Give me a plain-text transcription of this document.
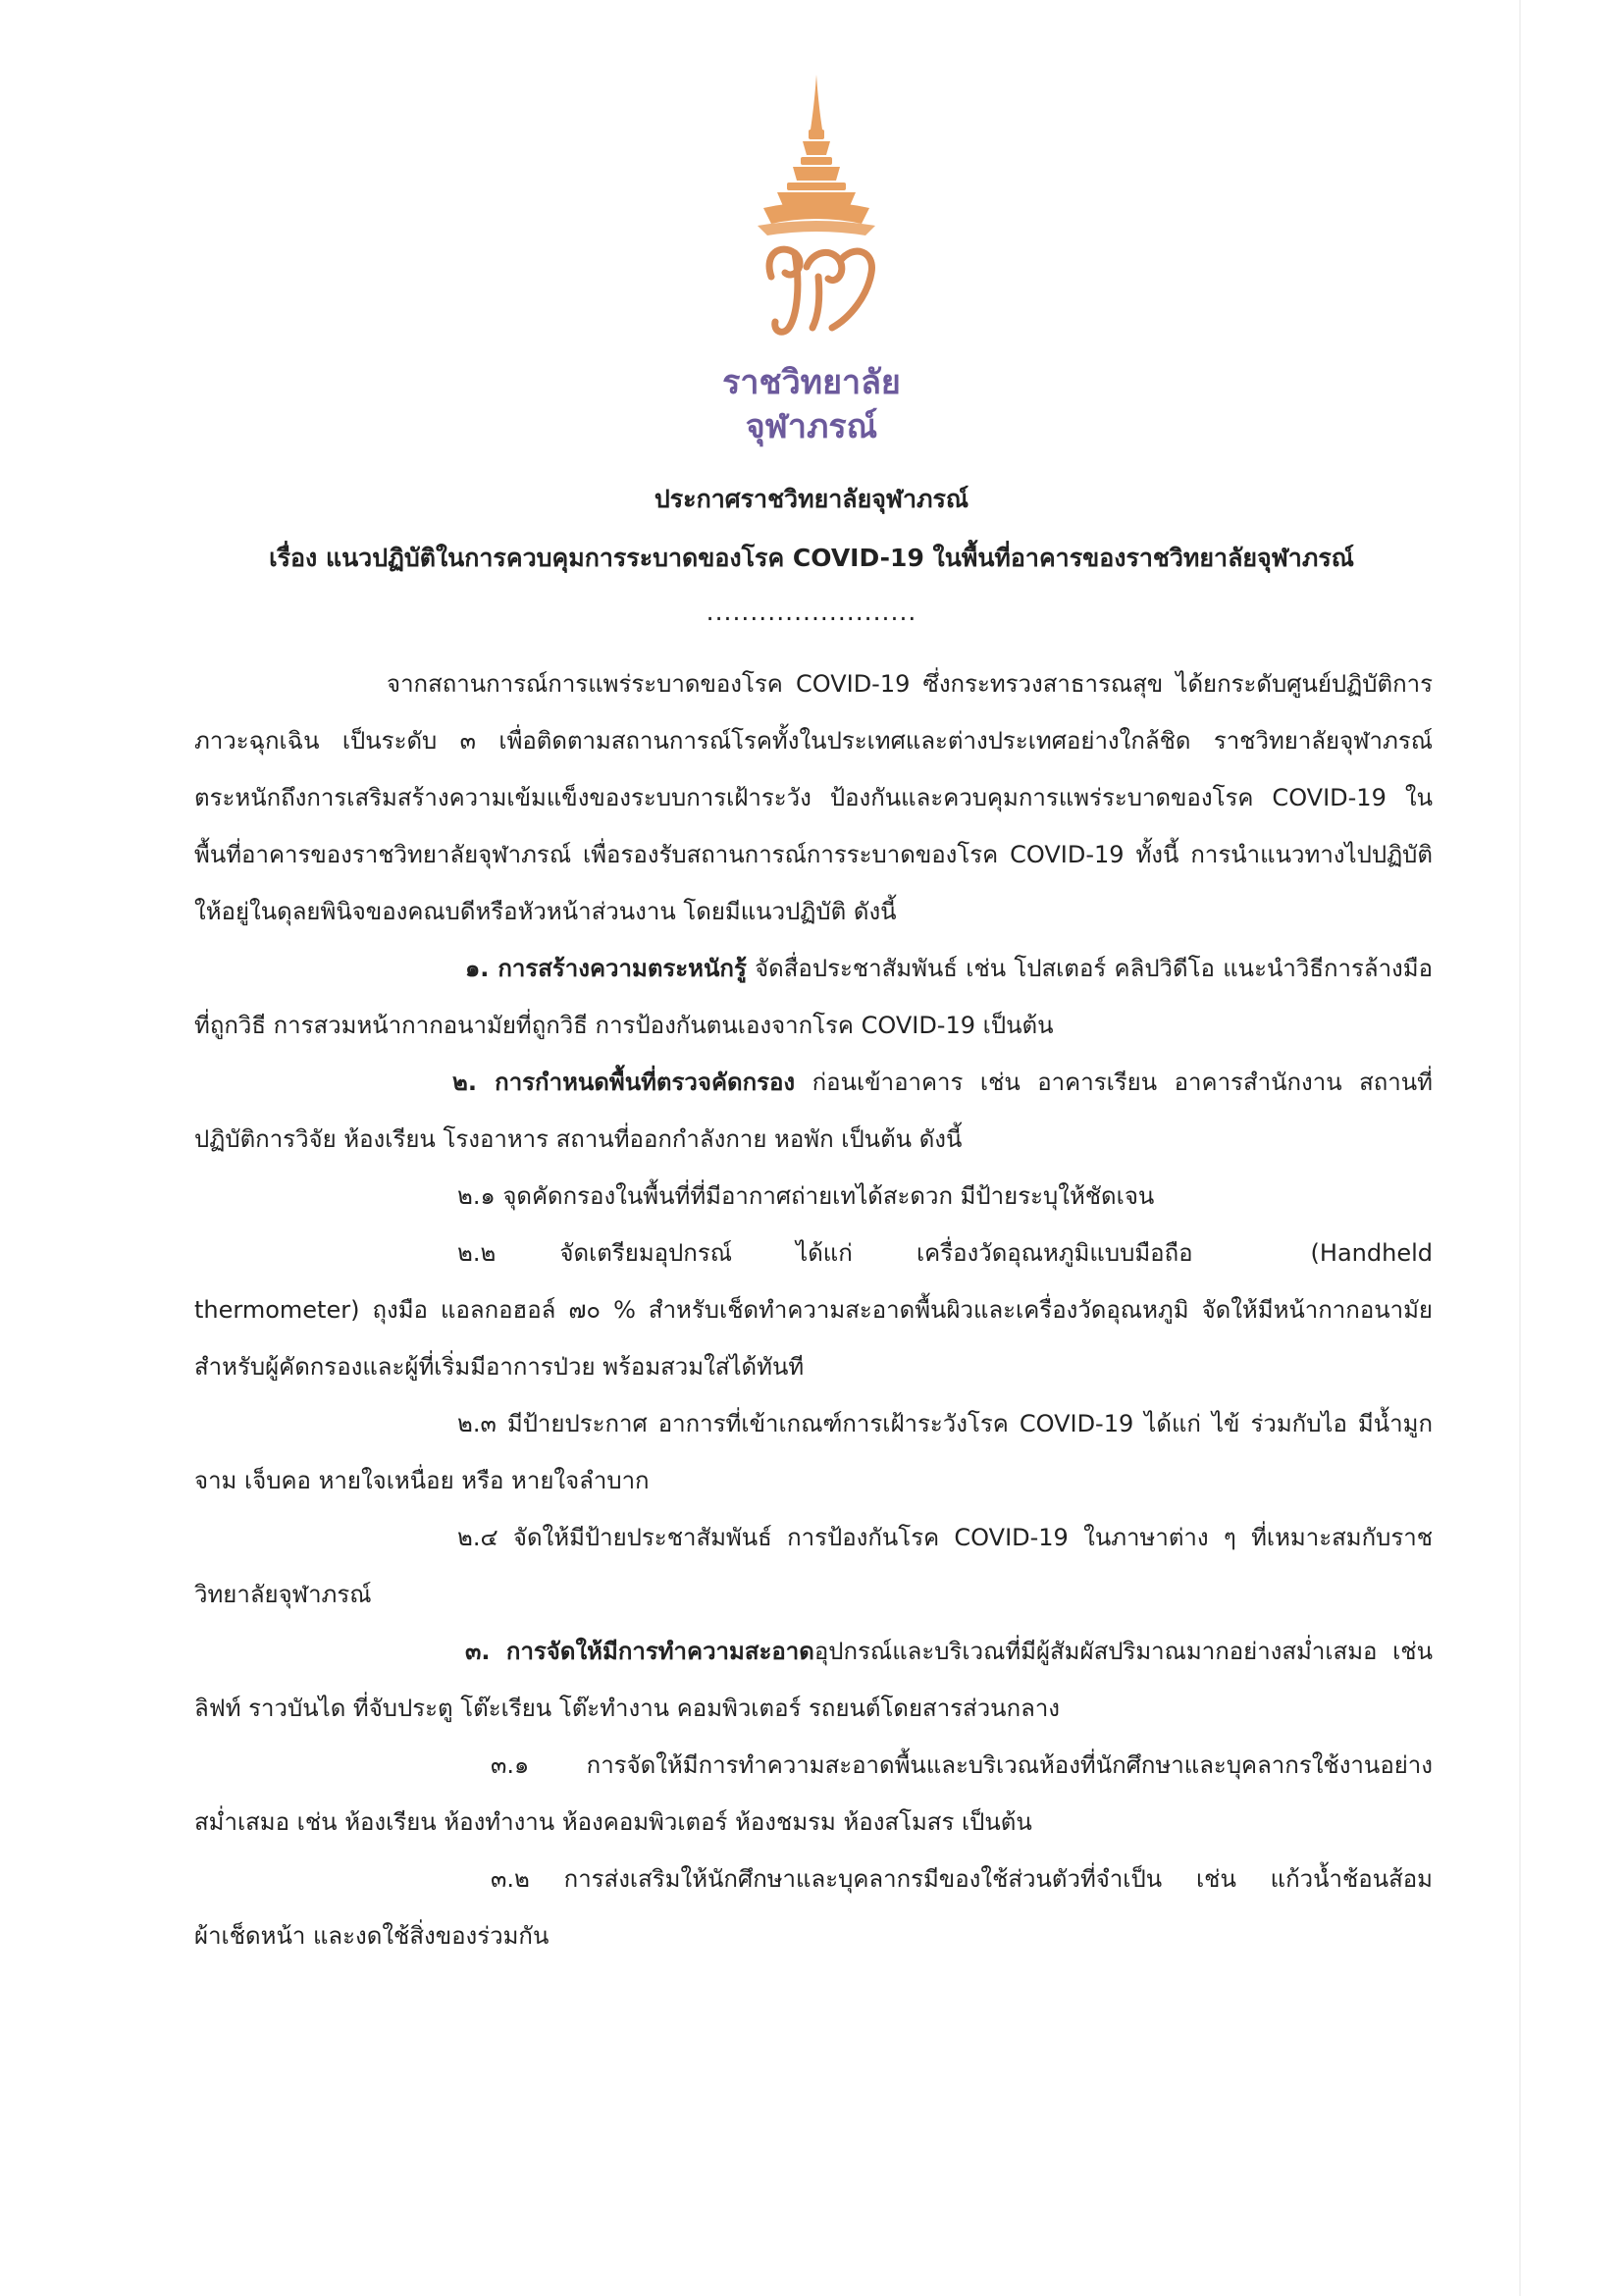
ราชวิทยาลัย
จุฬาภรณ์
ประกาศราชวิทยาลัยจุฬาภรณ์
เรื่อง แนวปฏิบัติในการควบคุมการระบาดของโรค COVID-19 ในพื้นที่อาคารของราชวิทยาลัยจุฬาภรณ์
........................

จากสถานการณ์การแพร่ระบาดของโรค COVID-19 ซึ่งกระทรวงสาธารณสุข ได้ยกระดับศูนย์ปฏิบัติการภาวะฉุกเฉิน เป็นระดับ ๓ เพื่อติดตามสถานการณ์โรคทั้งในประเทศและต่างประเทศอย่างใกล้ชิด ราชวิทยาลัยจุฬาภรณ์ ตระหนักถึงการเสริมสร้างความเข้มแข็งของระบบการเฝ้าระวัง ป้องกันและควบคุมการแพร่ระบาดของโรค COVID-19 ในพื้นที่อาคารของราชวิทยาลัยจุฬาภรณ์ เพื่อรองรับสถานการณ์การระบาดของโรค COVID-19 ทั้งนี้ การนำแนวทางไปปฏิบัติให้อยู่ในดุลยพินิจของคณบดีหรือหัวหน้าส่วนงาน โดยมีแนวปฏิบัติ ดังนี้

๑. การสร้างความตระหนักรู้ จัดสื่อประชาสัมพันธ์ เช่น โปสเตอร์ คลิปวิดีโอ แนะนำวิธีการล้างมือที่ถูกวิธี การสวมหน้ากากอนามัยที่ถูกวิธี การป้องกันตนเองจากโรค COVID-19 เป็นต้น

๒. การกำหนดพื้นที่ตรวจคัดกรอง ก่อนเข้าอาคาร เช่น อาคารเรียน อาคารสำนักงาน สถานที่ปฏิบัติการวิจัย ห้องเรียน โรงอาหาร สถานที่ออกกำลังกาย หอพัก เป็นต้น ดังนี้

๒.๑ จุดคัดกรองในพื้นที่ที่มีอากาศถ่ายเทได้สะดวก มีป้ายระบุให้ชัดเจน

๒.๒ จัดเตรียมอุปกรณ์ ได้แก่ เครื่องวัดอุณหภูมิแบบมือถือ	(Handheld thermometer) ถุงมือ แอลกอฮอล์ ๗๐ % สำหรับเช็ดทำความสะอาดพื้นผิวและเครื่องวัดอุณหภูมิ จัดให้มีหน้ากากอนามัยสำหรับผู้คัดกรองและผู้ที่เริ่มมีอาการป่วย พร้อมสวมใส่ได้ทันที

๒.๓ มีป้ายประกาศ อาการที่เข้าเกณฑ์การเฝ้าระวังโรค COVID-19 ได้แก่ ไข้ ร่วมกับไอ มีน้ำมูก จาม เจ็บคอ หายใจเหนื่อย หรือ หายใจลำบาก

๒.๔ จัดให้มีป้ายประชาสัมพันธ์ การป้องกันโรค COVID-19 ในภาษาต่าง ๆ ที่เหมาะสมกับราชวิทยาลัยจุฬาภรณ์

๓. การจัดให้มีการทำความสะอาดอุปกรณ์และบริเวณที่มีผู้สัมผัสปริมาณมากอย่างสม่ำเสมอ เช่น ลิฟท์ ราวบันได ที่จับประตู โต๊ะเรียน โต๊ะทำงาน คอมพิวเตอร์ รถยนต์โดยสารส่วนกลาง

๓.๑ การจัดให้มีการทำความสะอาดพื้นและบริเวณห้องที่นักศึกษาและบุคลากรใช้งานอย่างสม่ำเสมอ เช่น ห้องเรียน ห้องทำงาน ห้องคอมพิวเตอร์ ห้องชมรม ห้องสโมสร เป็นต้น

๓.๒ การส่งเสริมให้นักศึกษาและบุคลากรมีของใช้ส่วนตัวที่จำเป็น เช่น แก้วน้ำช้อนส้อม ผ้าเช็ดหน้า และงดใช้สิ่งของร่วมกัน
